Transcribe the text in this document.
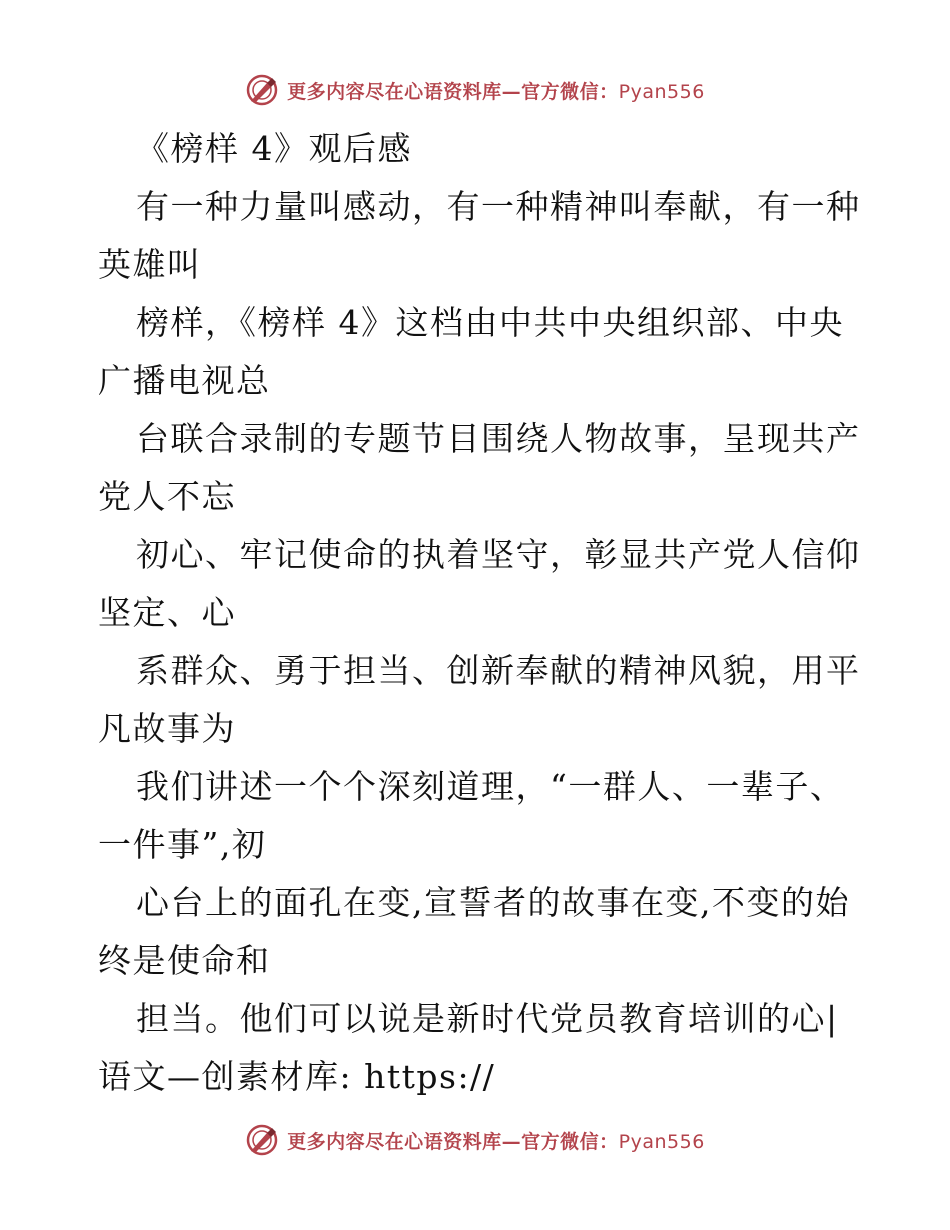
更多内容尽在心语资料库—官方微信：Pyan556
《榜样 4》观后感
有一种力量叫感动，有一种精神叫奉献，有一种
英雄叫
榜样，《榜样 4》这档由中共中央组织部、中央
广播电视总
台联合录制的专题节目围绕人物故事，呈现共产
党人不忘
初心、牢记使命的执着坚守，彰显共产党人信仰
坚定、心
系群众、勇于担当、创新奉献的精神风貌，用平
凡故事为
我们讲述一个个深刻道理，“一群人、一辈子、
一件事”,初
心台上的面孔在变,宣誓者的故事在变,不变的始
终是使命和
担当。他们可以说是新时代党员教育培训的心|
语文—创素材库: https://
更多内容尽在心语资料库—官方微信：Pyan556
